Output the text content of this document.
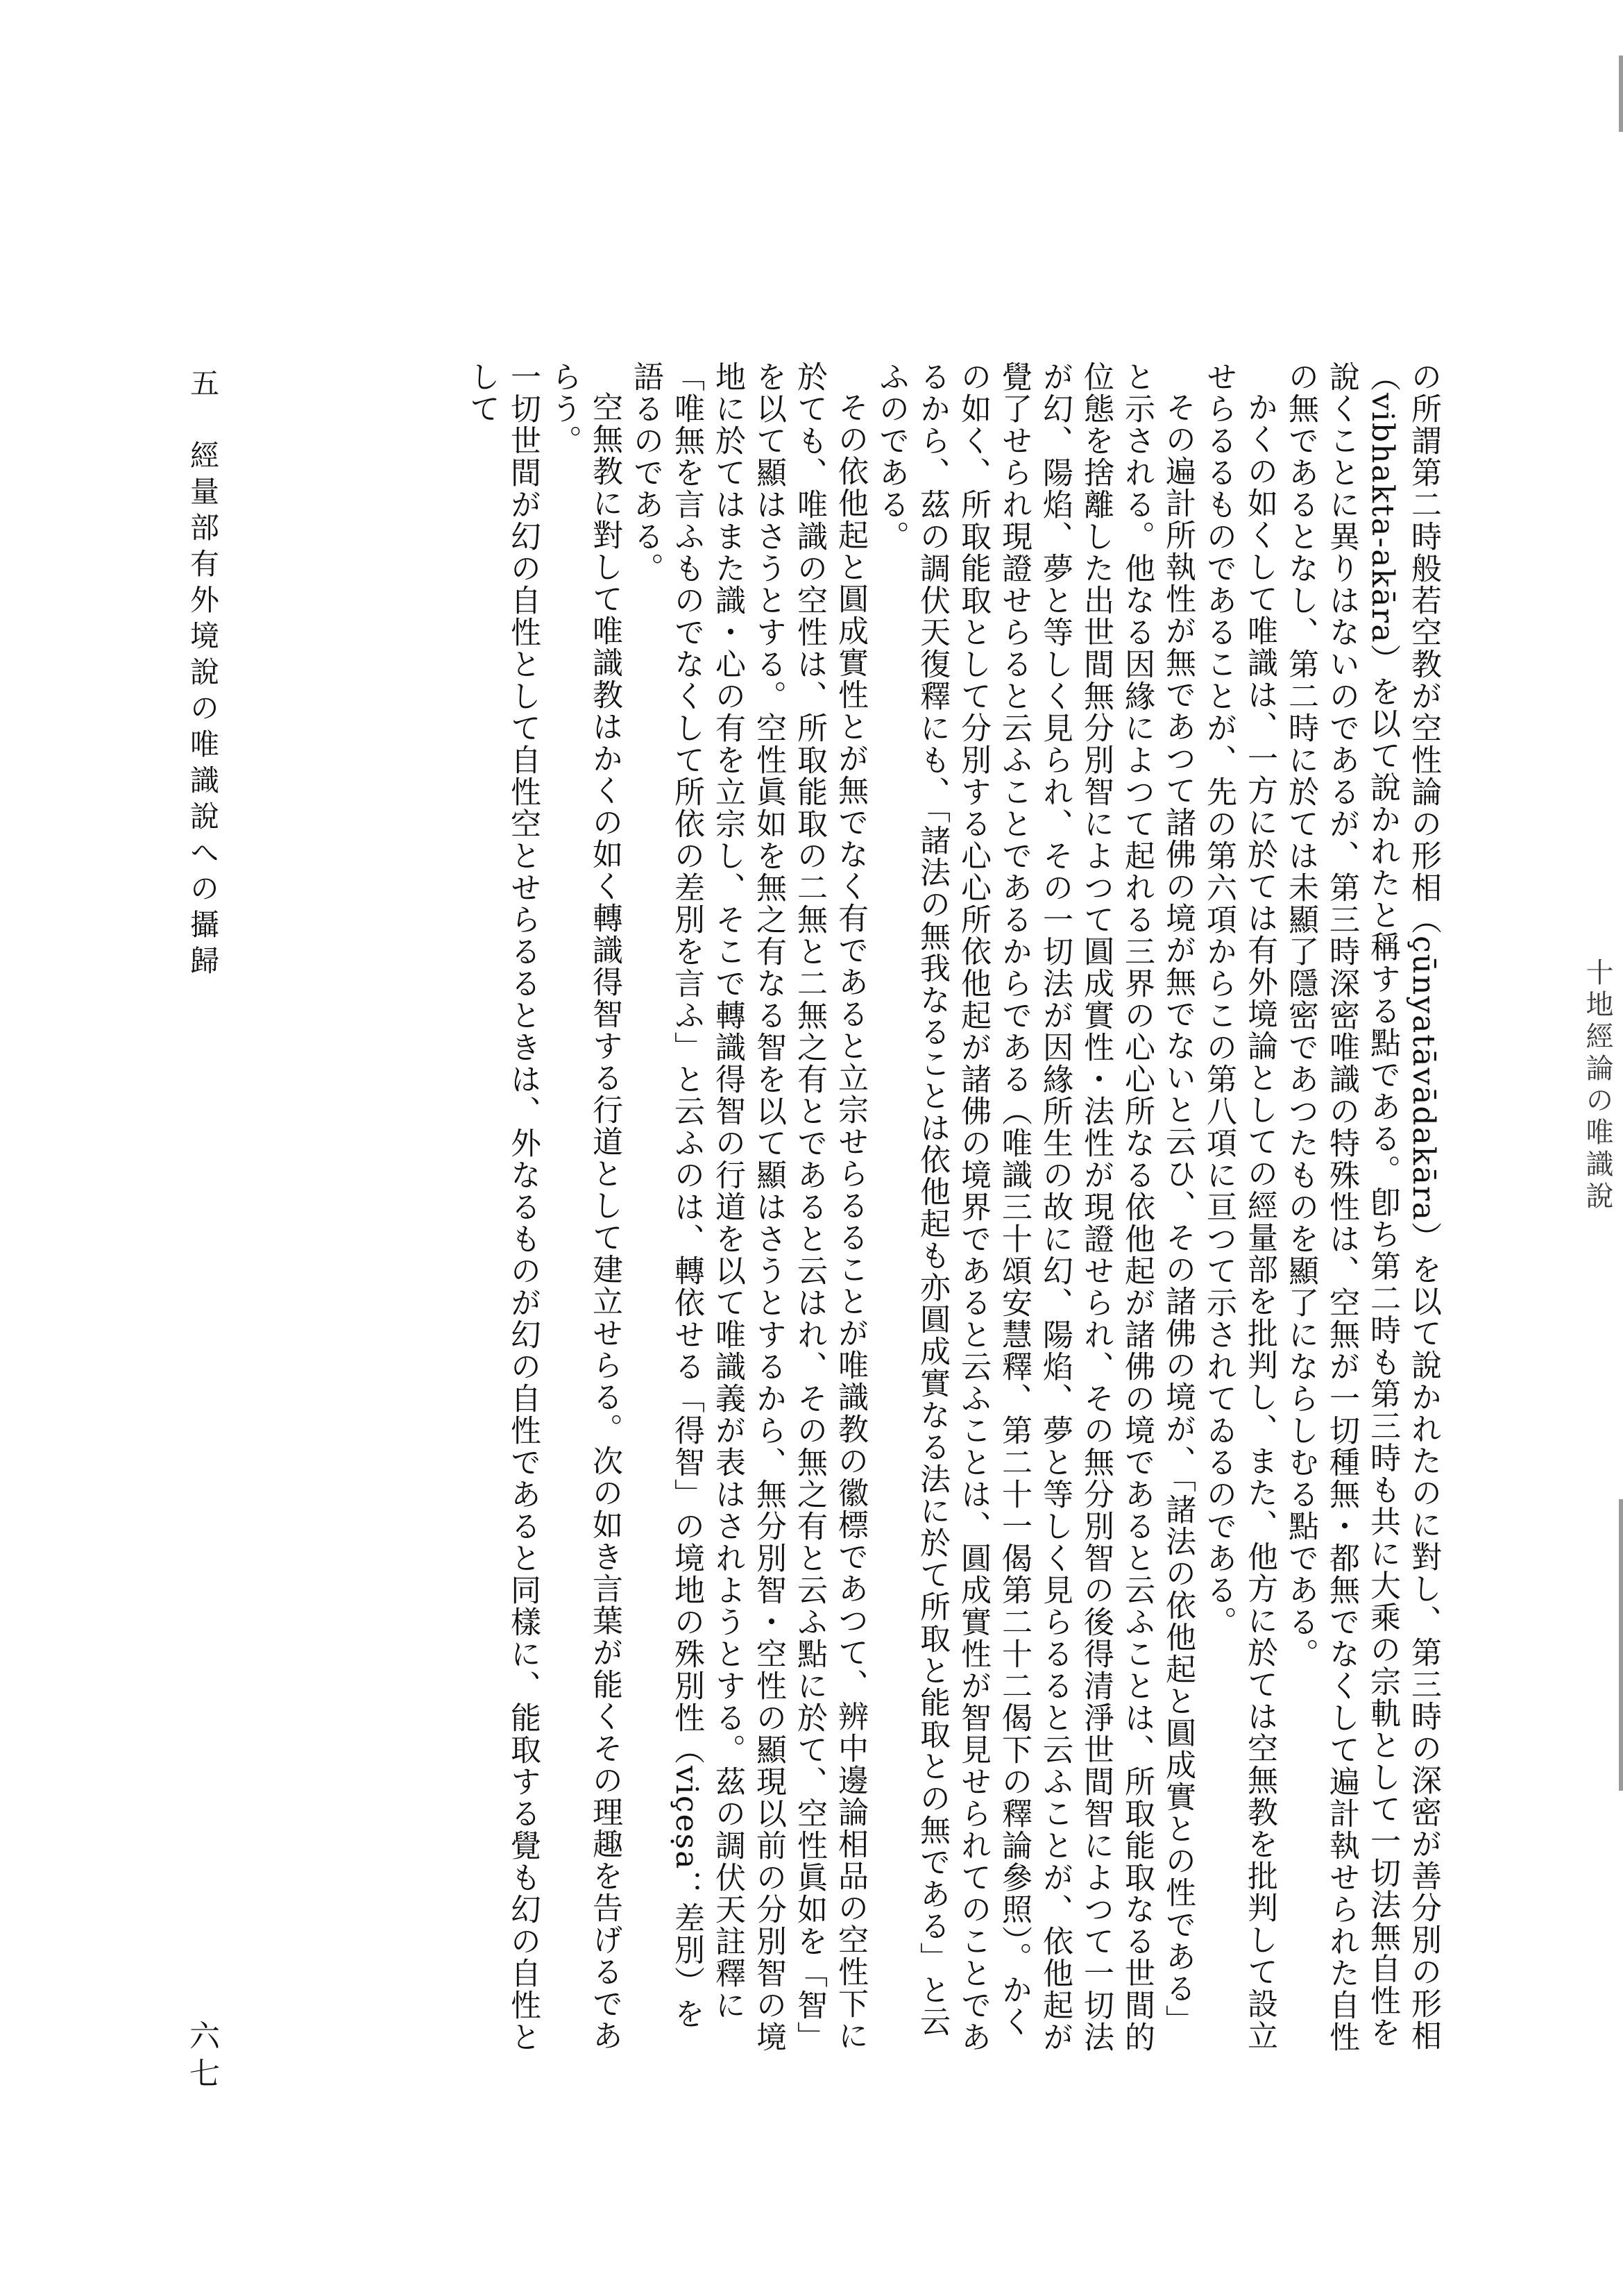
の所謂第二時般若空教が空性論の形相（çūnyatāvādakāra）を以て說かれたのに對し、第三時の深密が善分別の形相（vibhakta-akāra）を以て說かれたと稱する點である。卽ち第二時も第三時も共に大乘の宗軌として一切法無自性を說くことに異りはないのであるが、第三時深密唯識の特殊性は、空無が一切種無・都無でなくして遍計執せられた自性の無であるとなし、第二時に於ては未顯了隱密であつたものを顯了にならしむる點である。

かくの如くして唯識は、一方に於ては有外境論としての經量部を批判し、また、他方に於ては空無教を批判して設立せらるるものであることが、先の第六項からこの第八項に亘つて示されてゐるのである。

その遍計所執性が無であつて諸佛の境が無でないと云ひ、その諸佛の境が、「諸法の依他起と圓成實との性である」と示される。他なる因緣によつて起れる三界の心心所なる依他起が諸佛の境であると云ふことは、所取能取なる世間的位態を捨離した出世間無分別智によつて圓成實性・法性が現證せられ、その無分別智の後得清淨世間智によつて一切法が幻、陽焰、夢と等しく見られ、その一切法が因緣所生の故に幻、陽焰、夢と等しく見らるると云ふことが、依他起が覺了せられ現證せらると云ふことであるからである（唯識三十頌安慧釋、第二十一偈第二十二偈下の釋論參照）。かくの如く、所取能取として分別する心心所依他起が諸佛の境界であると云ふことは、圓成實性が智見せられてのことであるから、茲の調伏天復釋にも、「諸法の無我なることは依他起も亦圓成實なる法に於て所取と能取との無である」と云ふのである。

その依他起と圓成實性とが無でなく有であると立宗せらるることが唯識教の徽標であつて、辨中邊論相品の空性下に於ても、唯識の空性は、所取能取の二無と二無之有とであると云はれ、その無之有と云ふ點に於て、空性眞如を「智」を以て顯はさうとする。空性眞如を無之有なる智を以て顯はさうとするから、無分別智・空性の顯現以前の分別智の境地に於てはまた識・心の有を立宗し、そこで轉識得智の行道を以て唯識義が表はされようとする。茲の調伏天註釋に「唯無を言ふものでなくして所依の差別を言ふ」と云ふのは、轉依せる「得智」の境地の殊別性（viçeṣa：差別）を語るのである。

空無教に對して唯識教はかくの如く轉識得智する行道として建立せらる。次の如き言葉が能くその理趣を告げるであらう。

一切世間が幻の自性として自性空とせらるるときは、外なるものが幻の自性であると同樣に、能取する覺も幻の自性として

五　經量部有外境說の唯識說への攝歸
六七
十地經論の唯識說
